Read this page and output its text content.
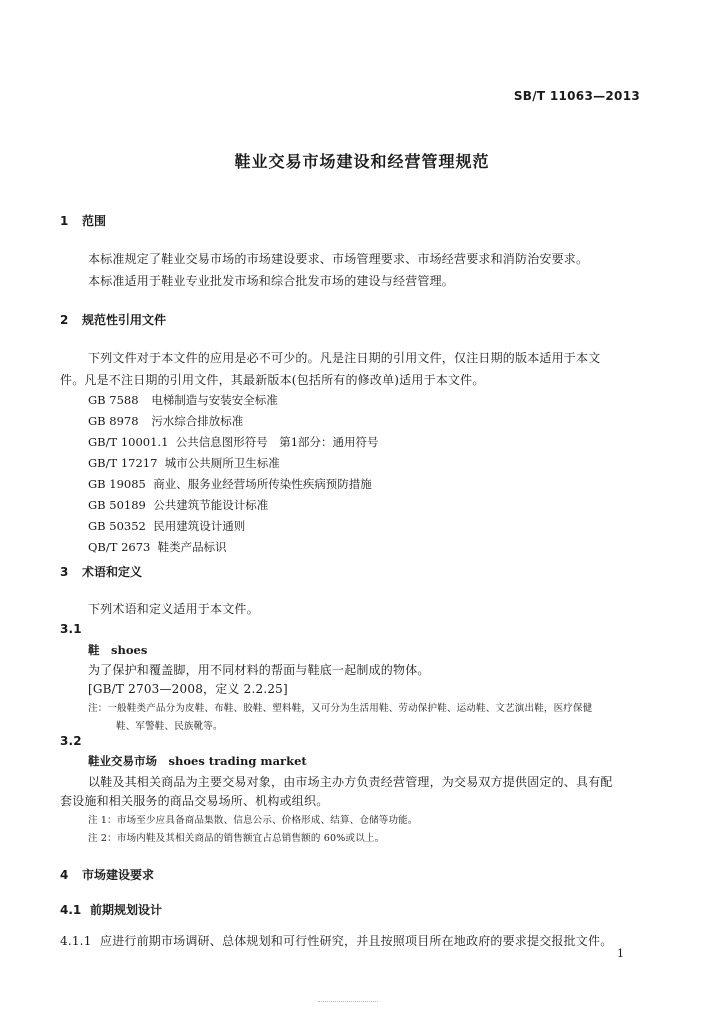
SB/T 11063—2013
鞋业交易市场建设和经营管理规范
1 范围
本标准规定了鞋业交易市场的市场建设要求、市场管理要求、市场经营要求和消防治安要求。
本标准适用于鞋业专业批发市场和综合批发市场的建设与经营管理。
2 规范性引用文件
下列文件对于本文件的应用是必不可少的。凡是注日期的引用文件，仅注日期的版本适用于本文
件。凡是不注日期的引用文件，其最新版本(包括所有的修改单)适用于本文件。
GB 7588 电梯制造与安装安全标准
GB 8978 污水综合排放标准
GB/T 10001.1 公共信息图形符号　第1部分：通用符号
GB/T 17217 城市公共厕所卫生标准
GB 19085 商业、服务业经营场所传染性疾病预防措施
GB 50189 公共建筑节能设计标准
GB 50352 民用建筑设计通则
QB/T 2673 鞋类产品标识
3 术语和定义
下列术语和定义适用于本文件。
3.1
鞋　shoes
为了保护和覆盖脚，用不同材料的帮面与鞋底一起制成的物体。
[GB/T 2703—2008，定义 2.2.25]
注：一般鞋类产品分为皮鞋、布鞋、胶鞋、塑料鞋，又可分为生活用鞋、劳动保护鞋、运动鞋、文艺演出鞋，医疗保健
鞋、军警鞋、民族靴等。
3.2
鞋业交易市场　shoes trading market
以鞋及其相关商品为主要交易对象，由市场主办方负责经营管理，为交易双方提供固定的、具有配
套设施和相关服务的商品交易场所、机构或组织。
注 1：市场至少应具备商品集散、信息公示、价格形成、结算、仓储等功能。
注 2：市场内鞋及其相关商品的销售额宜占总销售额的 60%或以上。
4 市场建设要求
4.1 前期规划设计
4.1.1 应进行前期市场调研、总体规划和可行性研究，并且按照项目所在地政府的要求提交报批文件。
1
